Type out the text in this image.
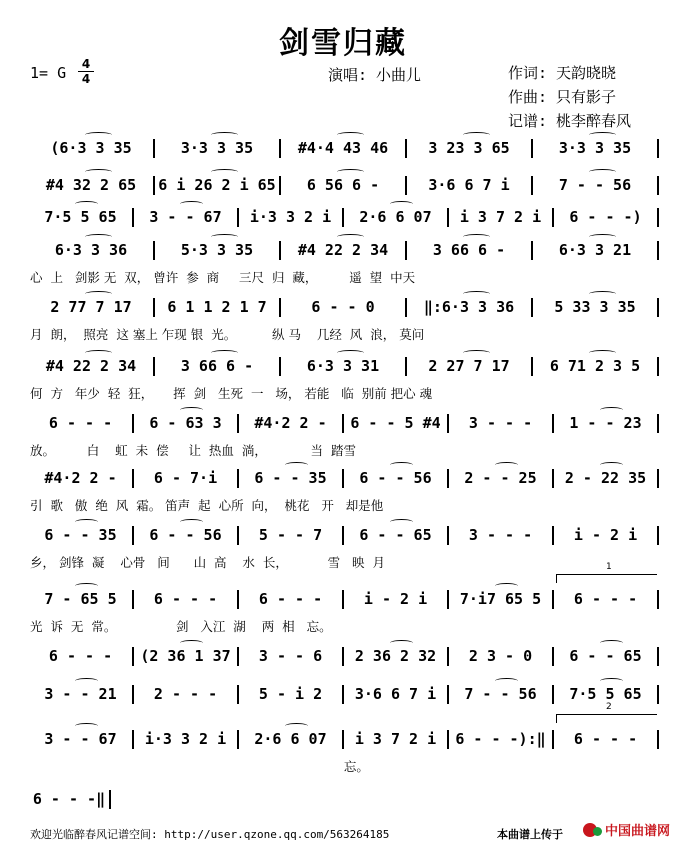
剑雪归藏
1= G	4
4	演唱: 小曲儿	作词: 天韵晓晓
作曲: 只有影子
记谱: 桃李醉春风
(6·3 3 35	3·3 3 35	#4·4 43 46	3 23 3 65	3·3 3 35
#4 32 2 65	6 i 26 2 i 65	6 56 6 -	3·6 6 7 i	7 - - 56
7·5 5 65	3 - - 67	i·3 3 2 i	2·6 6 07	i 3 7 2 i	6 - - -)
6·3 3 36	5·3 3 35	#4 22 2 34	3 66 6 -	6·3 3 21
心  上   剑影 无  双， 曾许  参  商     三尺  归  藏，        遥  望  中天
2 77 7 17	6 1 1 2 1 7	6 - - 0	‖:6·3 3 36	5 33 3 35
月  朗，  照亮  这 塞上 乍现 银  光。         纵 马    几经  风  浪， 莫问
#4 22 2 34	3 66 6 -	6·3 3 31	2 27 7 17	6 71 2 3 5
何  方   年少  轻  狂，     挥  剑   生死  一   场， 若能   临  别前 把心 魂
6 - - -	6 - 63 3	#4·2 2 -	6 - - 5 #4	3 - - -	1 - - 23
放。        白    虹  未  偿     让  热血  淌，           当  踏雪
#4·2 2 -	6 - 7·i	6 - - 35	6 - - 56	2 - - 25	2 - 22 35
引  歌   傲  绝  风  霜。 笛声  起  心所  向，  桃花   开   却是他
6 - - 35	6 - - 56	5 - - 7	6 - - 65	3 - - -	i - 2 i
乡， 剑锋  凝    心骨   间      山  高    水  长，          雪   映  月
7 - 65 5	6 - - -	6 - - -	i - 2 i	7·i7 65 5	6 - - -
光  诉  无  常。               剑   入江  湖    两  相   忘。
6 - - -	(2 36 1 37	3 - - 6	2 36 2 32	2 3 - 0	6 - - 65
3 - - 21	2 - - -	5 - i 2	3·6 6 7 i	7 - - 56	7·5 5 65
3 - - 67	i·3 3 2 i	2·6 6 07	i 3 7 2 i	6 - - -):‖	6 - - -
忘。
6 - - -‖
1
2
欢迎光临醉春风记谱空间: http://user.qzone.qq.com/563264185	本曲谱上传于	中国曲谱网
